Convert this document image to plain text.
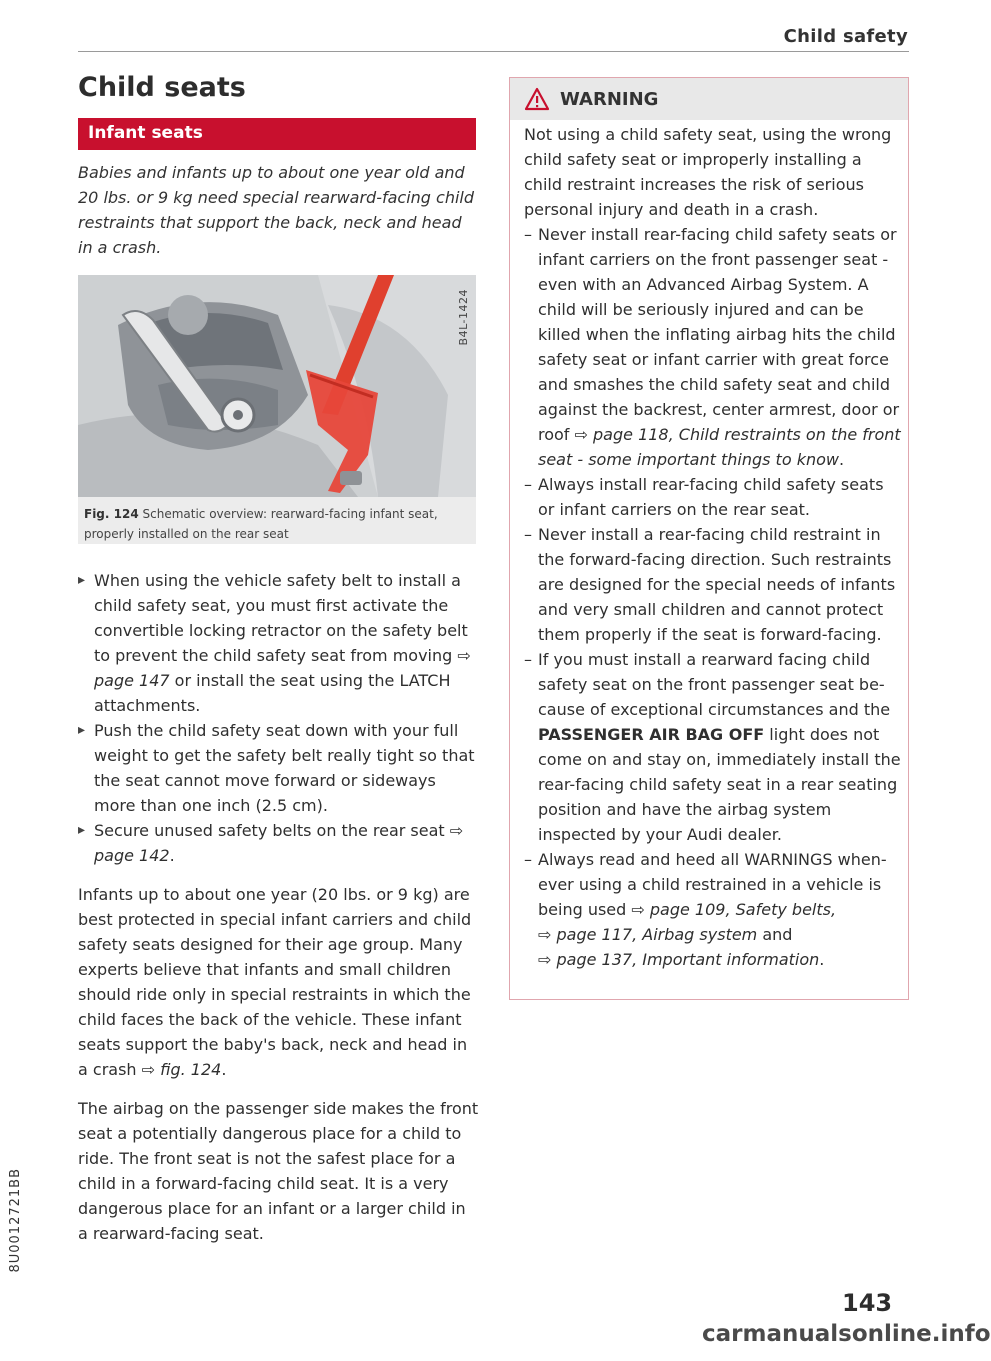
Child safety
Child seats
Infant seats
Babies and infants up to about one year old and 20 lbs. or 9 kg need special rearward-facing child restraints that support the back, neck and head in a crash.
B4L-1424
Fig. 124 Schematic overview: rearward-facing infant seat, properly installed on the rear seat
▸ When using the vehicle safety belt to install a child safety seat, you must first activate the convertible locking retractor on the safety belt to prevent the child safety seat from moving ⇨ page 147 or install the seat using the LATCH attachments.
▸ Push the child safety seat down with your full weight to get the safety belt really tight so that the seat cannot move forward or sideways more than one inch (2.5 cm).
▸ Secure unused safety belts on the rear seat ⇨ page 142.
Infants up to about one year (20 lbs. or 9 kg) are best protected in special infant carriers and child safety seats designed for their age group. Many experts believe that infants and small children should ride only in special restraints in which the child faces the back of the vehicle. These infant seats support the baby's back, neck and head in a crash ⇨ fig. 124.
The airbag on the passenger side makes the front seat a potentially dangerous place for a child to ride. The front seat is not the safest place for a child in a forward-facing child seat. It is a very dangerous place for an infant or a larger child in a rearward-facing seat.
WARNING
Not using a child safety seat, using the wrong child safety seat or improperly installing a child restraint increases the risk of serious personal injury and death in a crash.
– Never install rear-facing child safety seats or infant carriers on the front passenger seat - even with an Advanced Airbag System. A child will be seriously injured and can be killed when the inflating airbag hits the child safety seat or infant carrier with great force and smashes the child safety seat and child against the backrest, center armrest, door or roof ⇨ page 118, Child restraints on the front seat - some important things to know.
– Always install rear-facing child safety seats or infant carriers on the rear seat.
– Never install a rear-facing child restraint in the forward-facing direction. Such restraints are designed for the special needs of infants and very small children and cannot protect them properly if the seat is forward-facing.
– If you must install a rearward facing child safety seat on the front passenger seat be-cause of exceptional circumstances and the PASSENGER AIR BAG OFF light does not come on and stay on, immediately install the rear-facing child safety seat in a rear seating position and have the airbag system inspected by your Audi dealer.
– Always read and heed all WARNINGS when-ever using a child restrained in a vehicle is being used ⇨ page 109, Safety belts,
⇨ page 117, Airbag system and
⇨ page 137, Important information.
8U0012721BB
143
carmanualsonline.info
